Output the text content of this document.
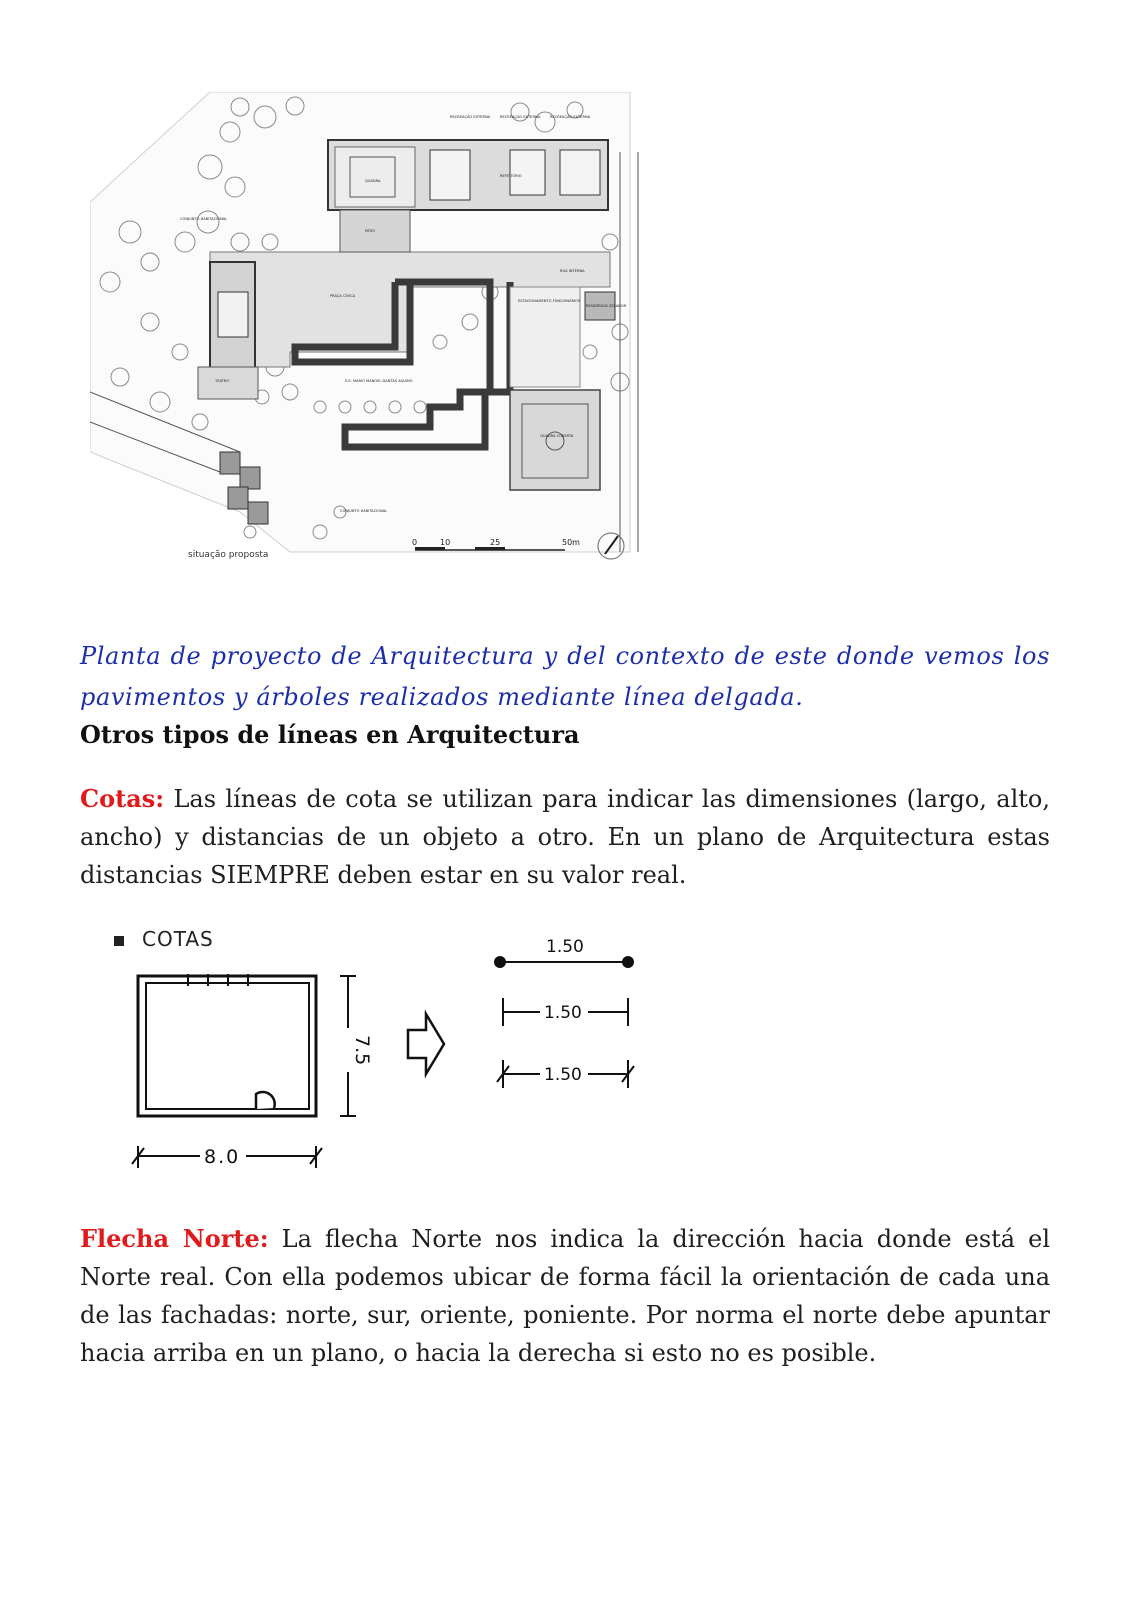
RECREAÇÃO EXTERNA	RECREAÇÃO EXTERNA	RECREAÇÃO EXTERNA
QUADRA
PÁTIO
REFEITÓRIO
PRAÇA CÍVICA
ESTACIONAMENTO FUNCIONÁRIOS
RESIDÊNCIA ZELADOR
RUA INTERNA
E.E. MARIO MANOEL DANTAS AQUINO
CONJUNTO HABITACIONAL
CONJUNTO HABITACIONAL
QUADRA COBERTA
TEATRO
situação proposta
0	10	25	50m

Planta de proyecto de Arquitectura y del contexto de este donde vemos los pavimentos y árboles realizados mediante línea delgada.

Otros tipos de líneas en Arquitectura

Cotas: Las líneas de cota se utilizan para indicar las dimensiones (largo, alto, ancho) y distancias de un objeto a otro. En un plano de Arquitectura estas distancias SIEMPRE deben estar en su valor real.

COTAS
7.5
8.0
1.50
1.50
1.50

Flecha Norte: La flecha Norte nos indica la dirección hacia donde está el Norte real. Con ella podemos ubicar de forma fácil la orientación de cada una de las fachadas: norte, sur, oriente, poniente. Por norma el norte debe apuntar hacia arriba en un plano, o hacia la derecha si esto no es posible.
